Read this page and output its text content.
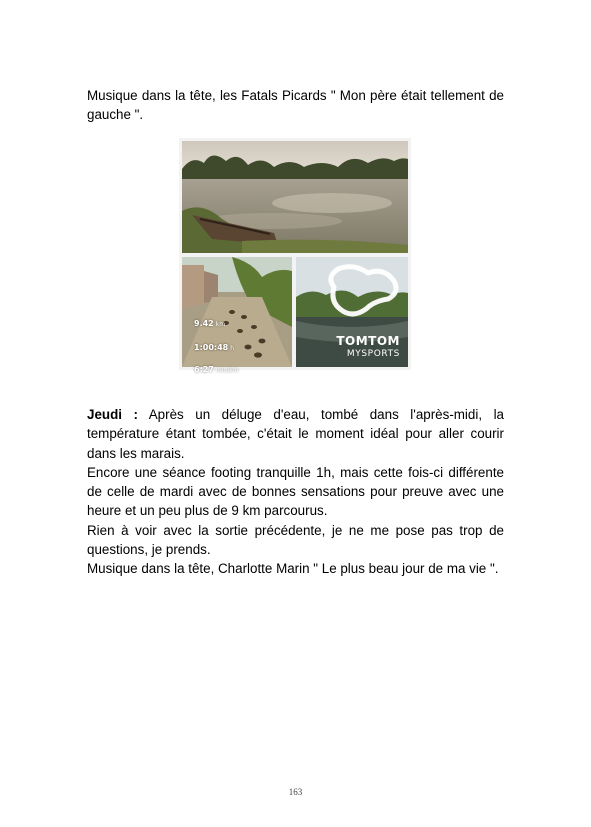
Musique dans la tête, les Fatals Picards " Mon père était tellement de gauche ".
9.42 km
1:00:48 h
6:27 min/km
TOMTOM
MYSPORTS
Jeudi : Après un déluge d'eau, tombé dans l'après-midi, la température étant tombée, c'était le moment idéal pour aller courir dans les marais.
Encore une séance footing tranquille 1h, mais cette fois-ci différente de celle de mardi avec de bonnes sensations pour preuve avec une heure et un peu plus de 9 km parcourus.
Rien à voir avec la sortie précédente, je ne me pose pas trop de questions, je prends.
Musique dans la tête, Charlotte Marin " Le plus beau jour de ma vie ".
163
